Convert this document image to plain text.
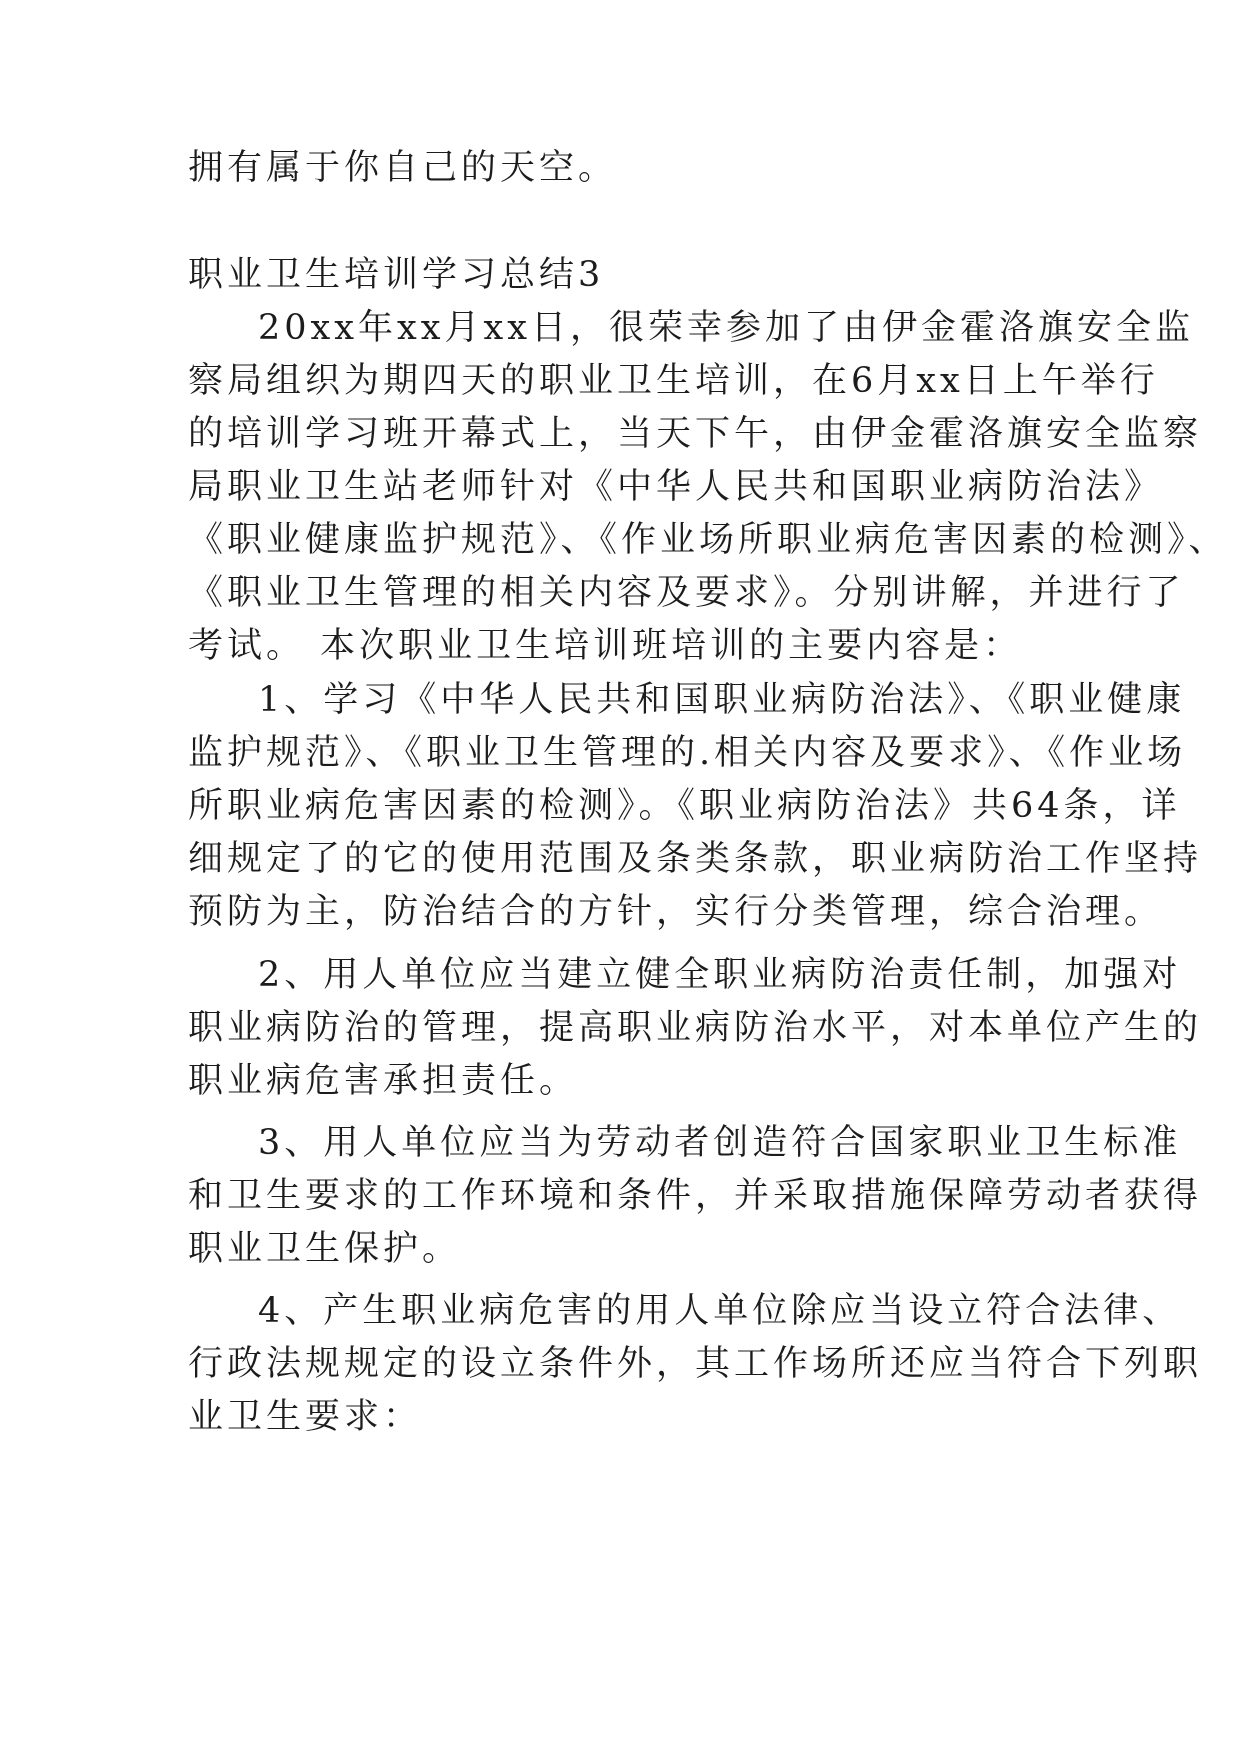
拥有属于你自己的天空。
职业卫生培训学习总结3
20xx年xx月xx日，很荣幸参加了由伊金霍洛旗安全监
察局组织为期四天的职业卫生培训，在6月xx日上午举行
的培训学习班开幕式上，当天下午，由伊金霍洛旗安全监察
局职业卫生站老师针对《中华人民共和国职业病防治法》
《职业健康监护规范》、《作业场所职业病危害因素的检测》、
《职业卫生管理的相关内容及要求》。分别讲解，并进行了
考试。 本次职业卫生培训班培训的主要内容是：
1、学习《中华人民共和国职业病防治法》、《职业健康
监护规范》、《职业卫生管理的.相关内容及要求》、《作业场
所职业病危害因素的检测》。《职业病防治法》共64条，详
细规定了的它的使用范围及条类条款，职业病防治工作坚持
预防为主，防治结合的方针，实行分类管理，综合治理。
2、用人单位应当建立健全职业病防治责任制，加强对
职业病防治的管理，提高职业病防治水平，对本单位产生的
职业病危害承担责任。
3、用人单位应当为劳动者创造符合国家职业卫生标准
和卫生要求的工作环境和条件，并采取措施保障劳动者获得
职业卫生保护。
4、产生职业病危害的用人单位除应当设立符合法律、
行政法规规定的设立条件外，其工作场所还应当符合下列职
业卫生要求：
